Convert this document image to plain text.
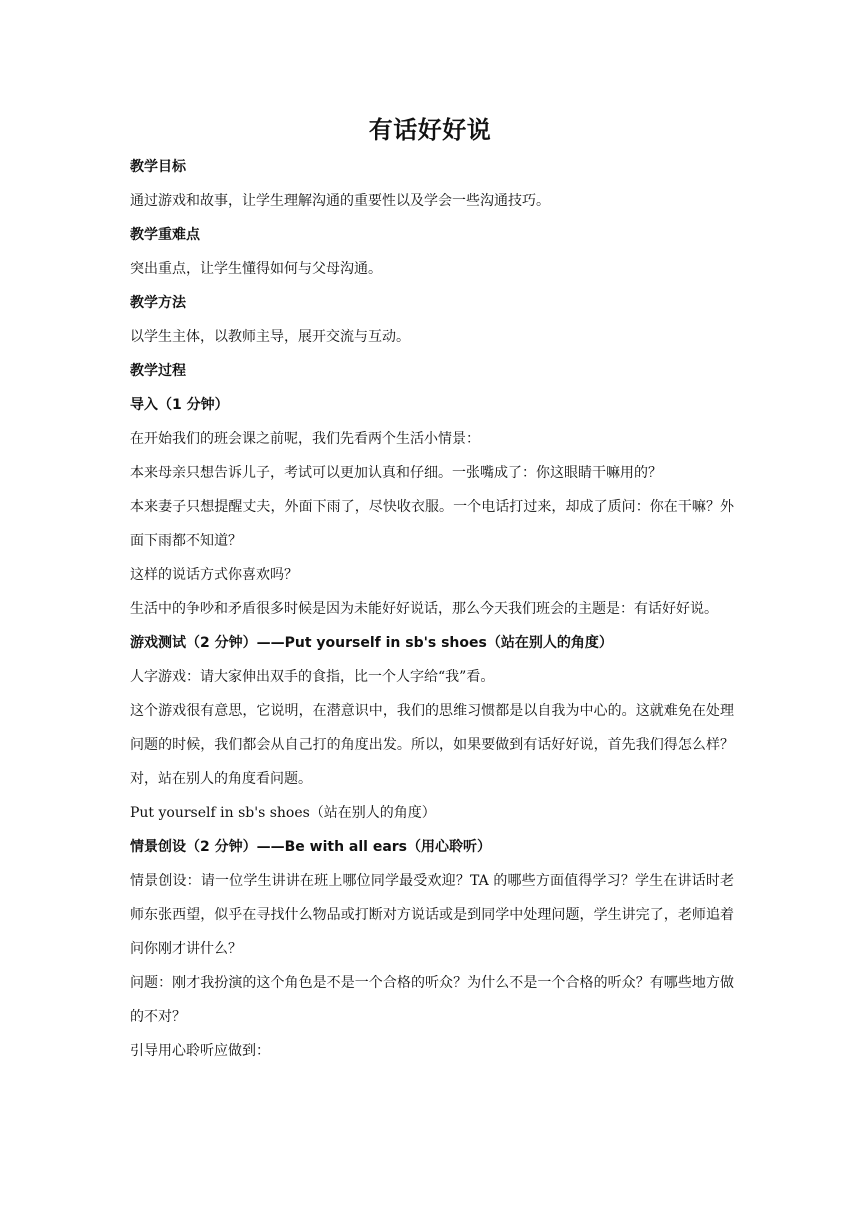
有话好好说

教学目标

通过游戏和故事，让学生理解沟通的重要性以及学会一些沟通技巧。

教学重难点

突出重点，让学生懂得如何与父母沟通。

教学方法

以学生主体，以教师主导，展开交流与互动。

教学过程

导入（1 分钟）

在开始我们的班会课之前呢，我们先看两个生活小情景：

本来母亲只想告诉儿子，考试可以更加认真和仔细。一张嘴成了：你这眼睛干嘛用的？

本来妻子只想提醒丈夫，外面下雨了，尽快收衣服。一个电话打过来，却成了质问：你在干嘛？外面下雨都不知道？

这样的说话方式你喜欢吗？

生活中的争吵和矛盾很多时候是因为未能好好说话，那么今天我们班会的主题是：有话好好说。

游戏测试（2 分钟）——Put yourself in sb's shoes（站在别人的角度）

人字游戏：请大家伸出双手的食指，比一个人字给“我”看。

这个游戏很有意思，它说明，在潜意识中，我们的思维习惯都是以自我为中心的。这就难免在处理问题的时候，我们都会从自己打的角度出发。所以，如果要做到有话好好说，首先我们得怎么样？对，站在别人的角度看问题。

Put yourself in sb's shoes（站在别人的角度）

情景创设（2 分钟）——Be with all ears（用心聆听）

情景创设：请一位学生讲讲在班上哪位同学最受欢迎？TA 的哪些方面值得学习？学生在讲话时老师东张西望，似乎在寻找什么物品或打断对方说话或是到同学中处理问题，学生讲完了，老师追着问你刚才讲什么？

问题：刚才我扮演的这个角色是不是一个合格的听众？为什么不是一个合格的听众？有哪些地方做的不对？

引导用心聆听应做到：
